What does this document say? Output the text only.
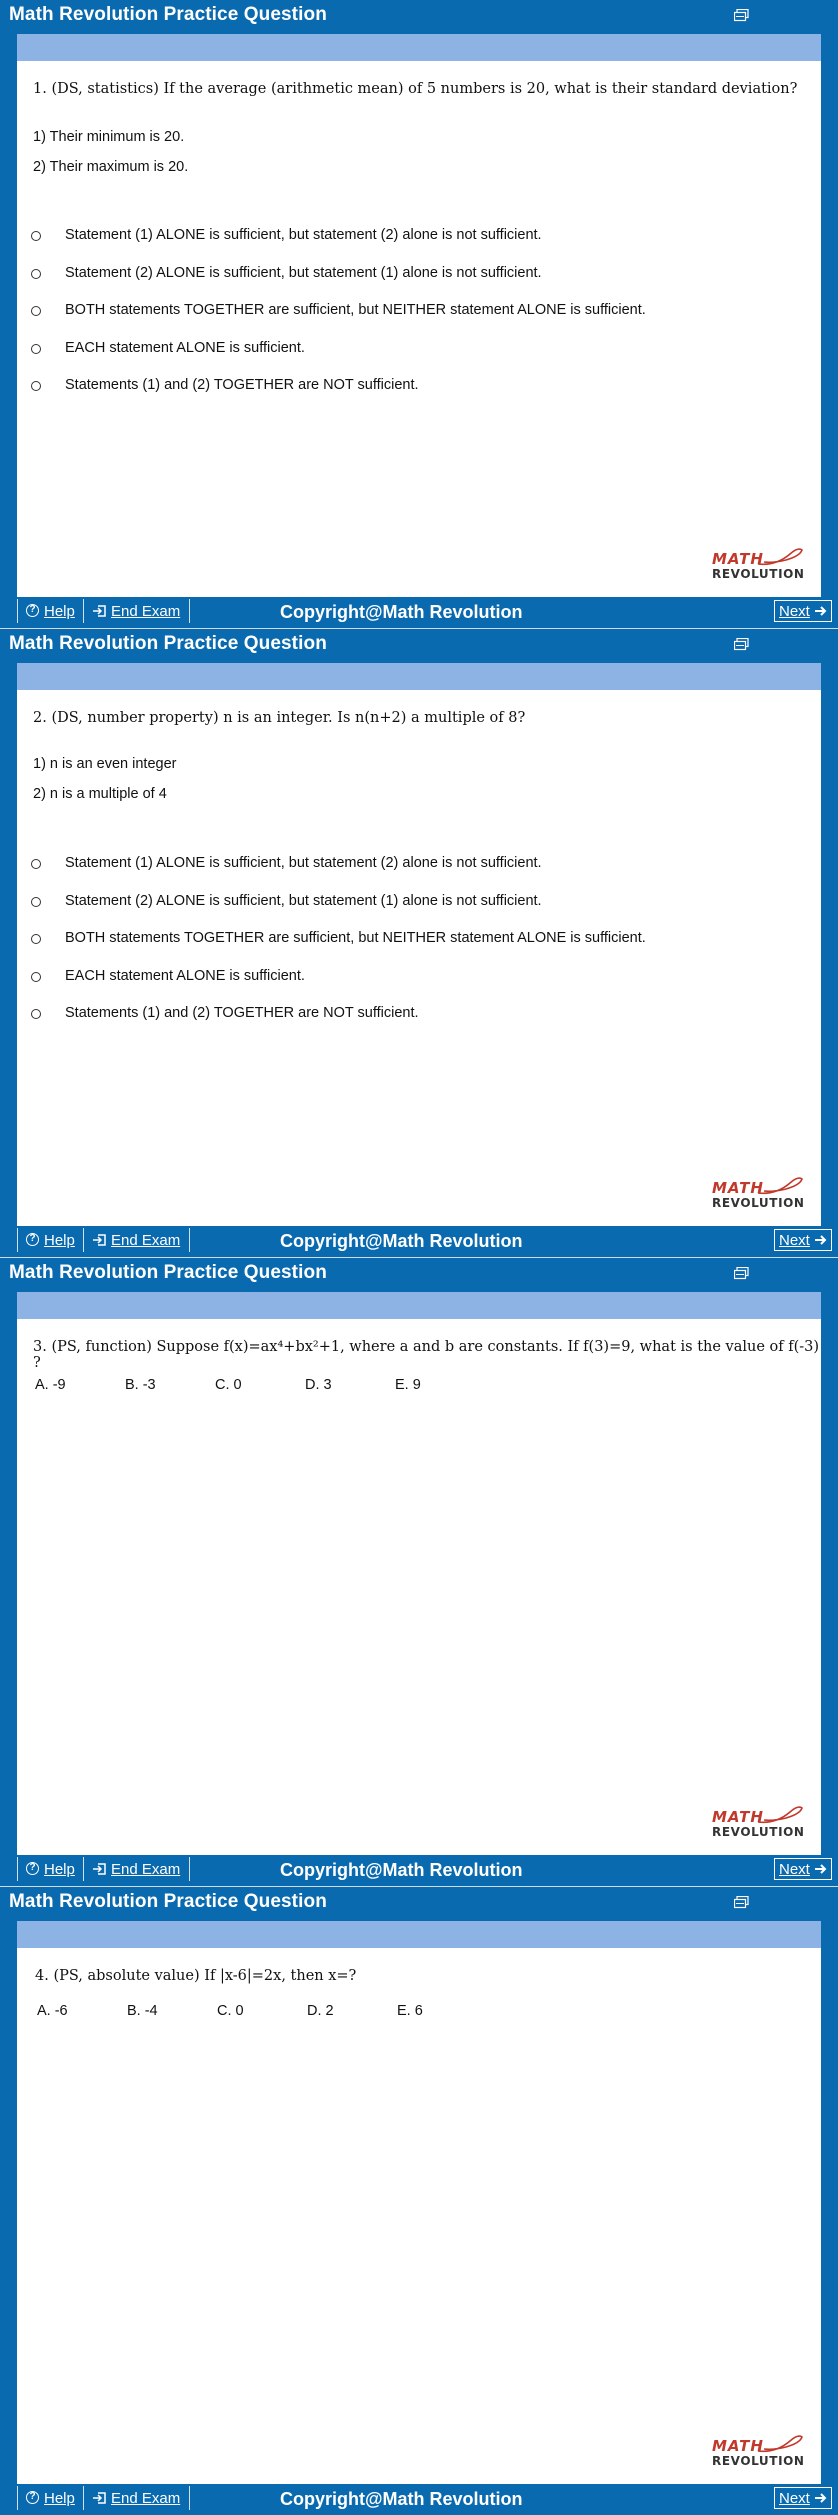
Math Revolution Practice Question
1. (DS, statistics) If the average (arithmetic mean) of 5 numbers is 20, what is their standard deviation?
1) Their minimum is 20.
2) Their maximum is 20.
Statement (1) ALONE is sufficient, but statement (2) alone is not sufficient.
Statement (2) ALONE is sufficient, but statement (1) alone is not sufficient.
BOTH statements TOGETHER are sufficient, but NEITHER statement ALONE is sufficient.
EACH statement ALONE is sufficient.
Statements (1) and (2) TOGETHER are NOT sufficient.
MATH
REVOLUTION
? Help End Exam	Copyright@Math Revolution	Next
Math Revolution Practice Question
2. (DS, number property) n is an integer. Is n(n+2) a multiple of 8?
1) n is an even integer
2) n is a multiple of 4
Statement (1) ALONE is sufficient, but statement (2) alone is not sufficient.
Statement (2) ALONE is sufficient, but statement (1) alone is not sufficient.
BOTH statements TOGETHER are sufficient, but NEITHER statement ALONE is sufficient.
EACH statement ALONE is sufficient.
Statements (1) and (2) TOGETHER are NOT sufficient.
MATH
REVOLUTION
? Help End Exam	Copyright@Math Revolution	Next
Math Revolution Practice Question
3. (PS, function) Suppose f(x)=ax⁴+bx²+1, where a and b are constants. If f(3)=9, what is the value of f(-3) ?
A. -9	B. -3	C. 0	D. 3	E. 9
MATH
REVOLUTION
? Help End Exam	Copyright@Math Revolution	Next
Math Revolution Practice Question
4. (PS, absolute value) If |x-6|=2x, then x=?
A. -6	B. -4	C. 0	D. 2	E. 6
MATH
REVOLUTION
? Help End Exam	Copyright@Math Revolution	Next
